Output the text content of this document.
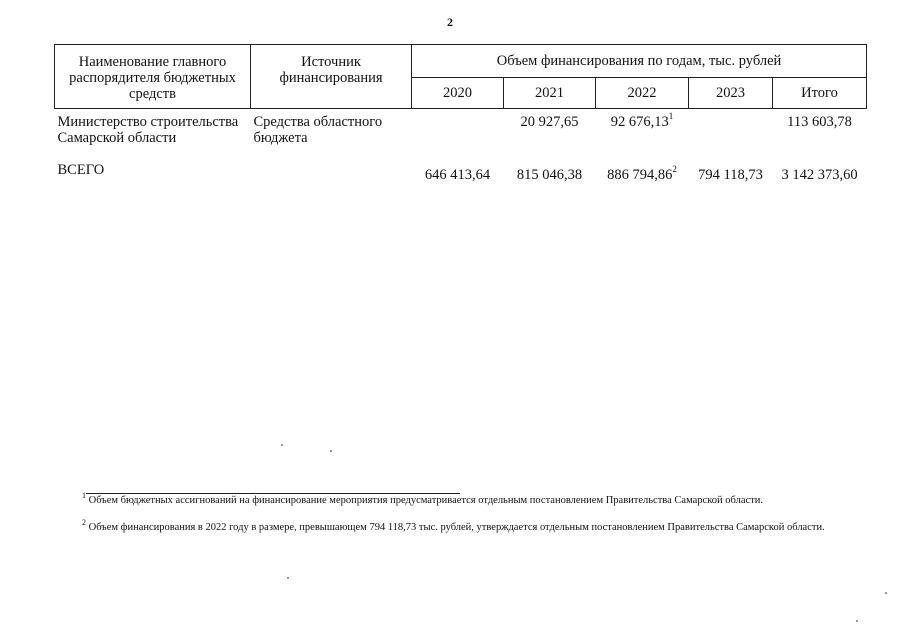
2
Наименование главного распорядителя бюджетных средств	Источник финансирования	Объем финансирования по годам, тыс. рублей				
		2020	2021	2022	2023	Итого
Министерство строительства Самарской области	Средства областного бюджета		20 927,65	92 676,13$^1$		113 603,78
ВСЕГО		646 413,64	815 046,38	886 794,86$^2$	794 118,73	3 142 373,60
$^1$ Объем бюджетных ассигнований на финансирование мероприятия предусматривается отдельным постановлением Правительства Самарской области.
$^2$ Объем финансирования в 2022 году в размере, превышающем 794 118,73 тыс. рублей, утверждается отдельным постановлением Правительства Самарской области.
